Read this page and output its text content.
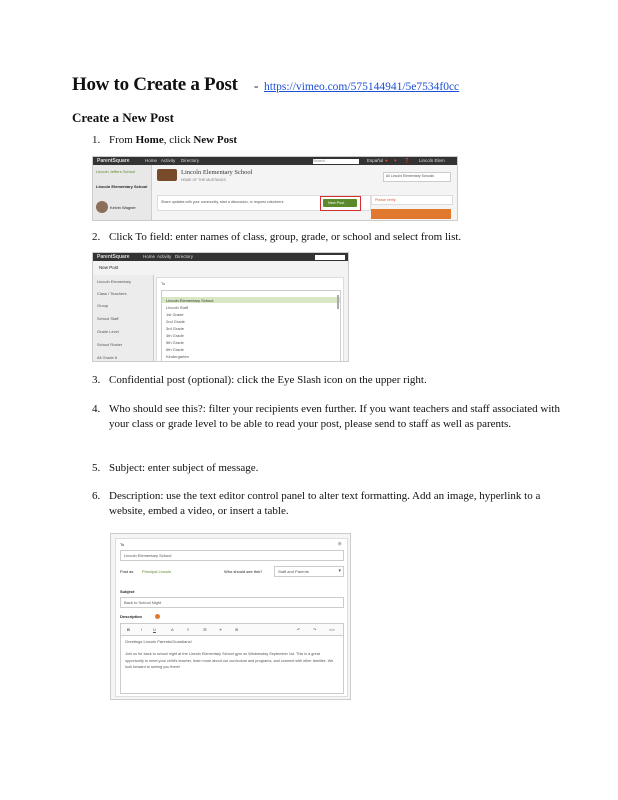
How to Create a Post - https://vimeo.com/575144941/5e7534f0cc
Create a New Post
1. From Home, click New Post
ParentSquare	Home Activity Directory	Search	Español ● ♥ ❓ Lincoln Elem
Lincoln Jeffers School
Lincoln Elementary School
Kelvin Wagner
Lincoln Elementary School
HOME OF THE MUSTANGS
All Lincoln Elementary Schools
Share updates with your community, start a discussion, or request volunteers	New Post
Please verify
2. Click To field: enter names of class, group, grade, or school and select from list.
ParentSquare	Home Activity Directory
New Post
Lincoln Elementary
Class / Teachers
Group
School Staff
Grade Level
School Roster
All Grade 6
To
Lincoln Elementary School
Lincoln Staff
1st Grade
2nd Grade
3rd Grade
4th Grade
5th Grade
6th Grade
Kindergarten
3. Confidential post (optional): click the Eye Slash icon on the upper right.
4. Who should see this?: filter your recipients even further. If you want teachers and staff associated with your class or grade level to be able to read your post, please send to staff as well as parents.
5. Subject: enter subject of message.
6. Description: use the text editor control panel to alter text formatting. Add an image, hyperlink to a website, embed a video, or insert a table.
To	◉
Lincoln Elementary School
Post as Principal Lincoln	Who should see this?	Staff and Parents	▾
Subject
Back to School Night
Description
B	I	U	A	≡	☰	⚭	⊞	↶	↷	</>
Greetings Lincoln Parents/Guardians!
Join us for back to school night at the Lincoln Elementary School gym on Wednesday September 1st. This is a great opportunity to meet your child's teacher, learn more about our curriculum and programs, and connect with other families. We look forward to seeing you there!
